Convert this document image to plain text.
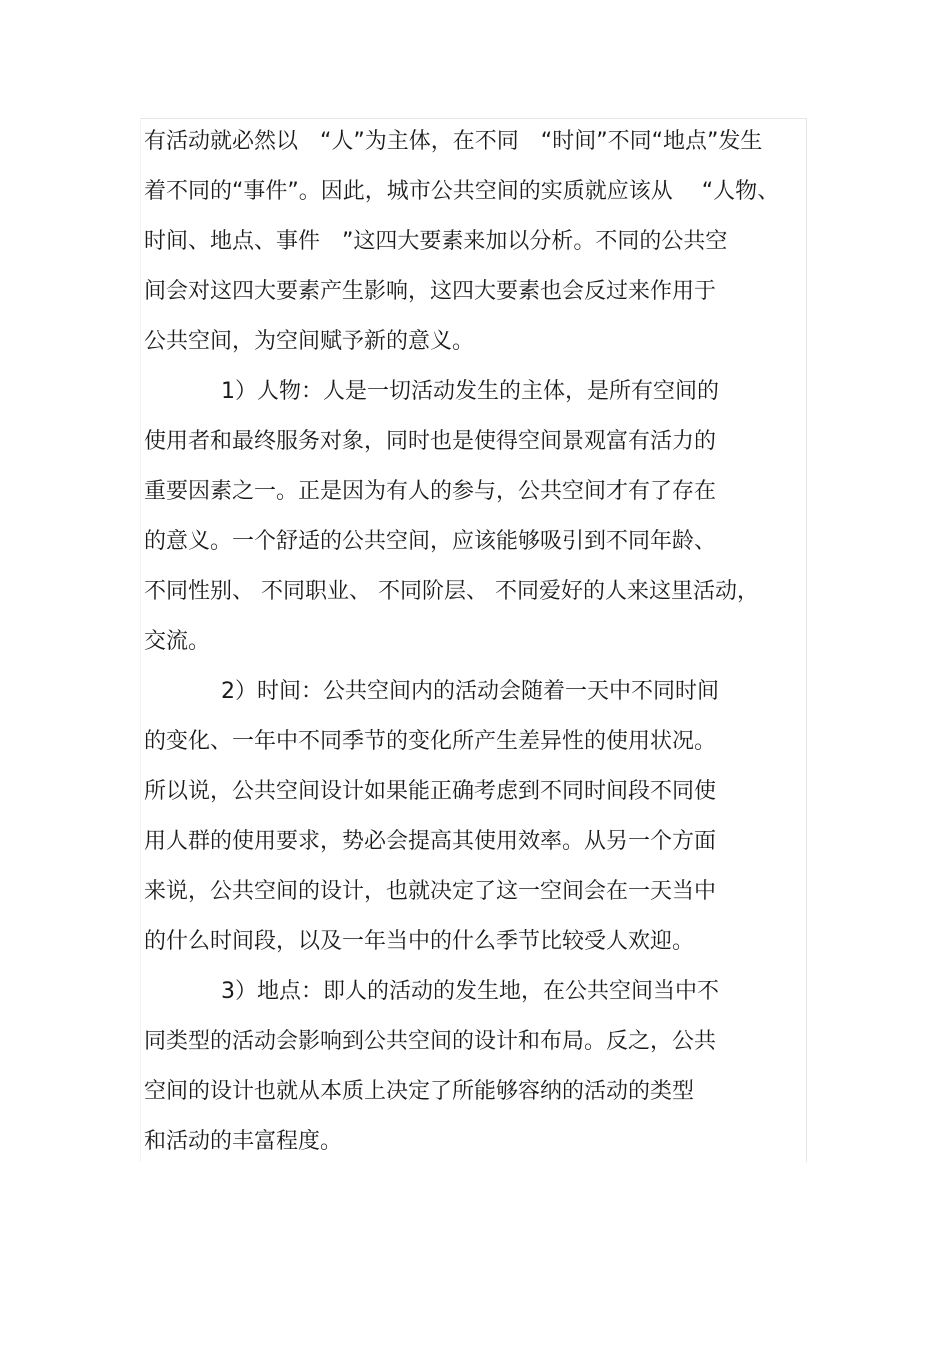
有活动就必然以　“人”为主体，在不同　“时间”不同“地点”发生
着不同的“事件”。因此，城市公共空间的实质就应该从　 “人物、
时间、地点、事件　”这四大要素来加以分析。不同的公共空
间会对这四大要素产生影响，这四大要素也会反过来作用于
公共空间，为空间赋予新的意义。
1）人物：人是一切活动发生的主体，是所有空间的
使用者和最终服务对象，同时也是使得空间景观富有活力的
重要因素之一。正是因为有人的参与，公共空间才有了存在
的意义。一个舒适的公共空间，应该能够吸引到不同年龄、
不同性别、 不同职业、 不同阶层、 不同爱好的人来这里活动，
交流。
2）时间：公共空间内的活动会随着一天中不同时间
的变化、一年中不同季节的变化所产生差异性的使用状况。
所以说，公共空间设计如果能正确考虑到不同时间段不同使
用人群的使用要求，势必会提高其使用效率。从另一个方面
来说，公共空间的设计，也就决定了这一空间会在一天当中
的什么时间段，以及一年当中的什么季节比较受人欢迎。
3）地点：即人的活动的发生地，在公共空间当中不
同类型的活动会影响到公共空间的设计和布局。反之，公共
空间的设计也就从本质上决定了所能够容纳的活动的类型
和活动的丰富程度。
